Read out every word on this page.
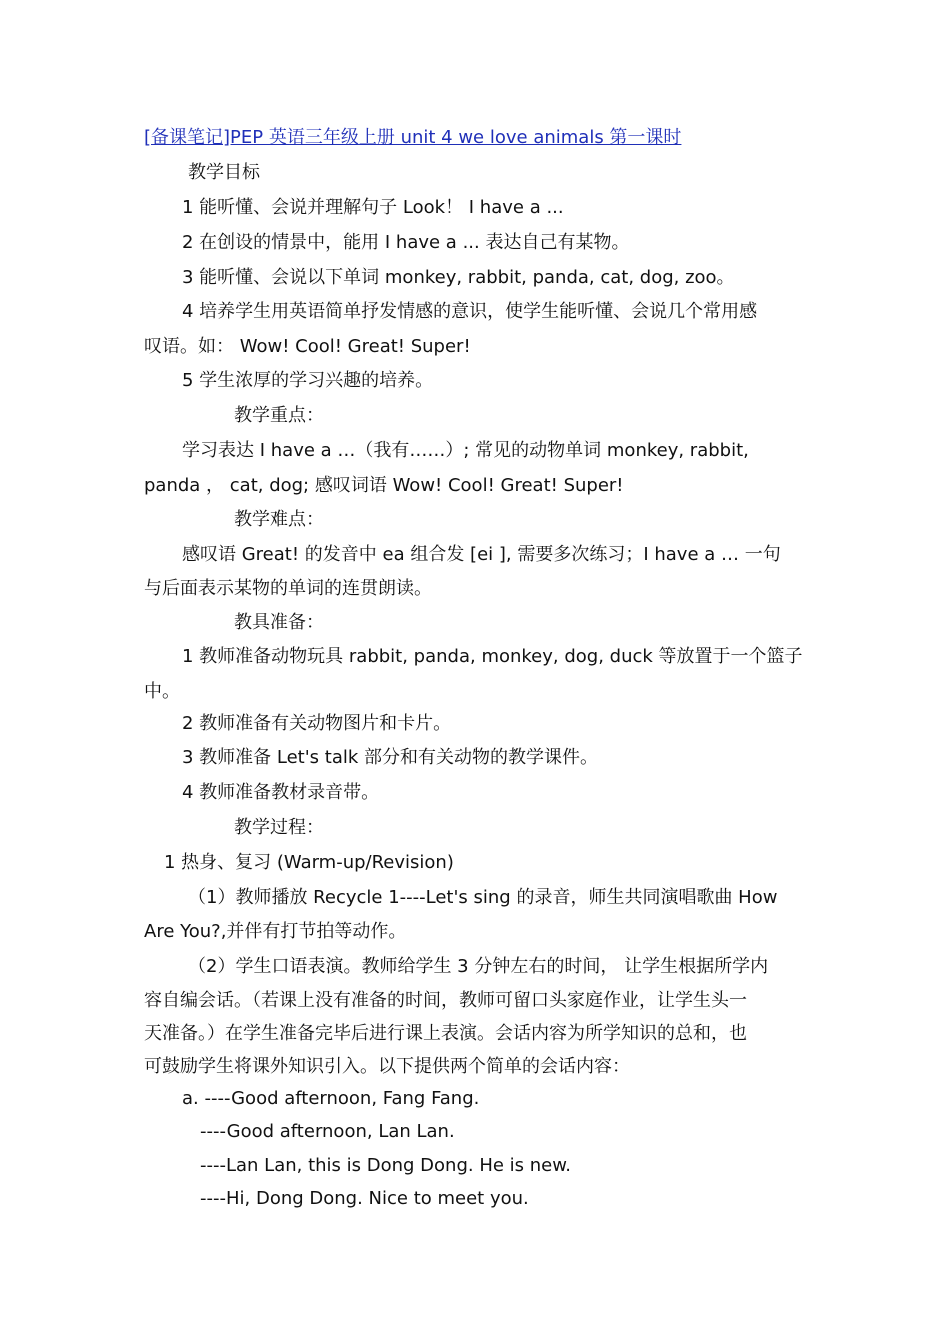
[备课笔记]PEP 英语三年级上册 unit 4 we love animals 第一课时
教学目标
1 能听懂、会说并理解句子 Look！ I have a ...
2 在创设的情景中，能用 I have a ... 表达自己有某物。
3 能听懂、会说以下单词 monkey, rabbit, panda, cat, dog, zoo。
4 培养学生用英语简单抒发情感的意识，使学生能听懂、会说几个常用感
叹语。如： Wow! Cool! Great! Super!
5 学生浓厚的学习兴趣的培养。
教学重点：
学习表达 I have a …（我有……）; 常见的动物单词 monkey, rabbit,
panda ， cat, dog; 感叹词语 Wow! Cool! Great! Super!
教学难点：
感叹语 Great! 的发音中 ea 组合发 [ei ], 需要多次练习；I have a … 一句
与后面表示某物的单词的连贯朗读。
教具准备：
1 教师准备动物玩具 rabbit, panda, monkey, dog, duck 等放置于一个篮子
中。
2 教师准备有关动物图片和卡片。
3 教师准备 Let's talk 部分和有关动物的教学课件。
4 教师准备教材录音带。
教学过程：
1 热身、复习 (Warm-up/Revision)
（1）教师播放 Recycle 1----Let's sing 的录音，师生共同演唱歌曲 How
Are You?,并伴有打节拍等动作。
（2）学生口语表演。教师给学生 3 分钟左右的时间， 让学生根据所学内
容自编会话。（若课上没有准备的时间，教师可留口头家庭作业，让学生头一
天准备。）在学生准备完毕后进行课上表演。会话内容为所学知识的总和，也
可鼓励学生将课外知识引入。以下提供两个简单的会话内容：
a. ----Good afternoon, Fang Fang.
----Good afternoon, Lan Lan.
----Lan Lan, this is Dong Dong. He is new.
----Hi, Dong Dong. Nice to meet you.
